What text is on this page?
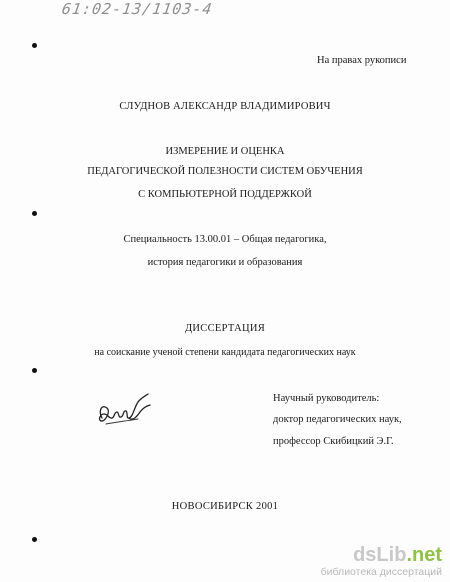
61:02-13/1103-4
На правах рукописи
СЛУДНОВ АЛЕКСАНДР ВЛАДИМИРОВИЧ
ИЗМЕРЕНИЕ И ОЦЕНКА
ПЕДАГОГИЧЕСКОЙ ПОЛЕЗНОСТИ СИСТЕМ ОБУЧЕНИЯ
С КОМПЬЮТЕРНОЙ ПОДДЕРЖКОЙ
Специальность 13.00.01 – Общая педагогика,
история педагогики и образования
ДИССЕРТАЦИЯ
на соискание ученой степени кандидата педагогических наук
Научный руководитель:
доктор педагогических наук,
профессор Скибицкий Э.Г.
НОВОСИБИРСК 2001
dsLib.net
библиотека диссертаций
